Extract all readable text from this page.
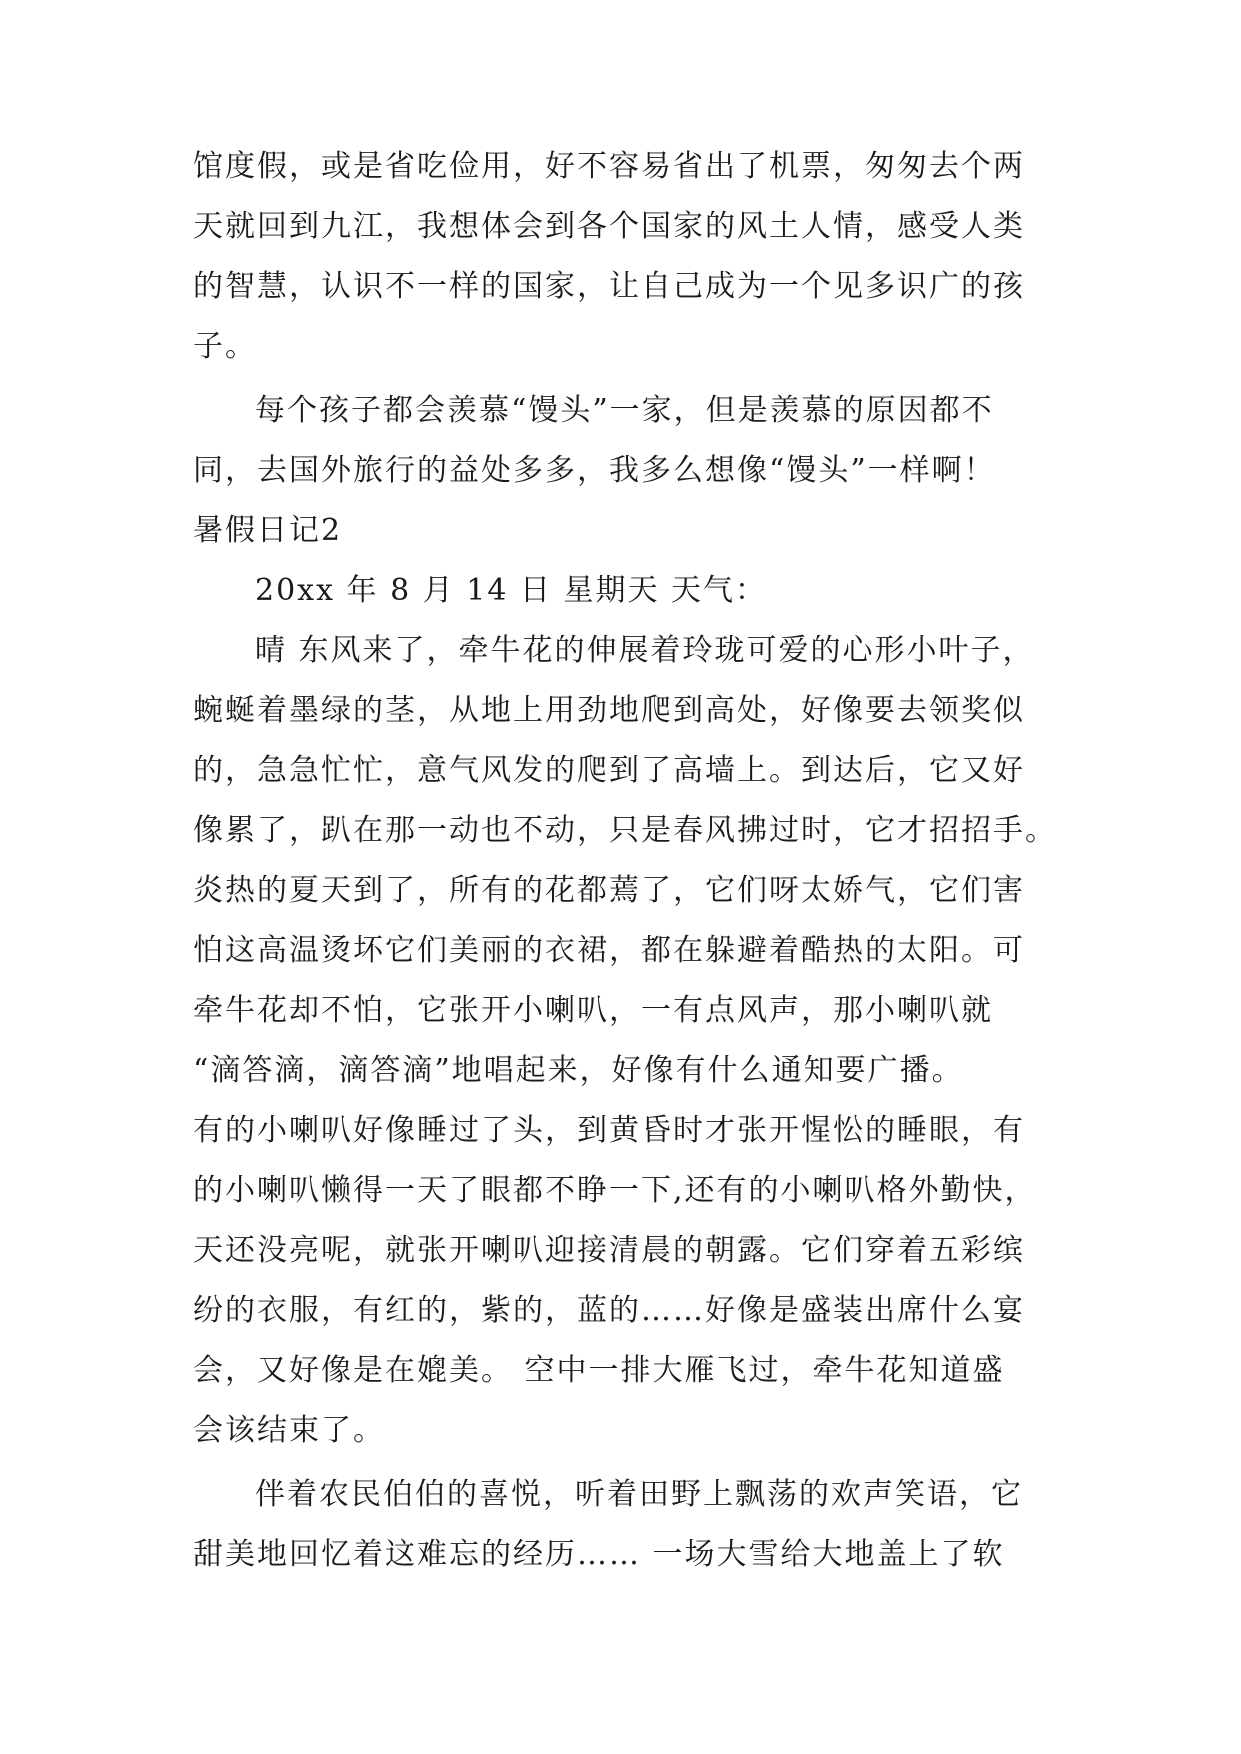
馆度假，或是省吃俭用，好不容易省出了机票，匆匆去个两
天就回到九江，我想体会到各个国家的风土人情，感受人类
的智慧，认识不一样的国家，让自己成为一个见多识广的孩
子。
每个孩子都会羡慕“馒头”一家，但是羡慕的原因都不
同，去国外旅行的益处多多，我多么想像“馒头”一样啊！
暑假日记2
20xx 年 8 月 14 日 星期天 天气：
晴 东风来了，牵牛花的伸展着玲珑可爱的心形小叶子，
蜿蜒着墨绿的茎，从地上用劲地爬到高处，好像要去领奖似
的，急急忙忙，意气风发的爬到了高墙上。到达后，它又好
像累了，趴在那一动也不动，只是春风拂过时，它才招招手。
炎热的夏天到了，所有的花都蔫了，它们呀太娇气，它们害
怕这高温烫坏它们美丽的衣裙，都在躲避着酷热的太阳。可
牵牛花却不怕，它张开小喇叭，一有点风声，那小喇叭就
“滴答滴，滴答滴”地唱起来，好像有什么通知要广播。
有的小喇叭好像睡过了头，到黄昏时才张开惺忪的睡眼，有
的小喇叭懒得一天了眼都不睁一下,还有的小喇叭格外勤快，
天还没亮呢，就张开喇叭迎接清晨的朝露。它们穿着五彩缤
纷的衣服，有红的，紫的，蓝的……好像是盛装出席什么宴
会，又好像是在媲美。 空中一排大雁飞过，牵牛花知道盛
会该结束了。
伴着农民伯伯的喜悦，听着田野上飘荡的欢声笑语，它
甜美地回忆着这难忘的经历…… 一场大雪给大地盖上了软
